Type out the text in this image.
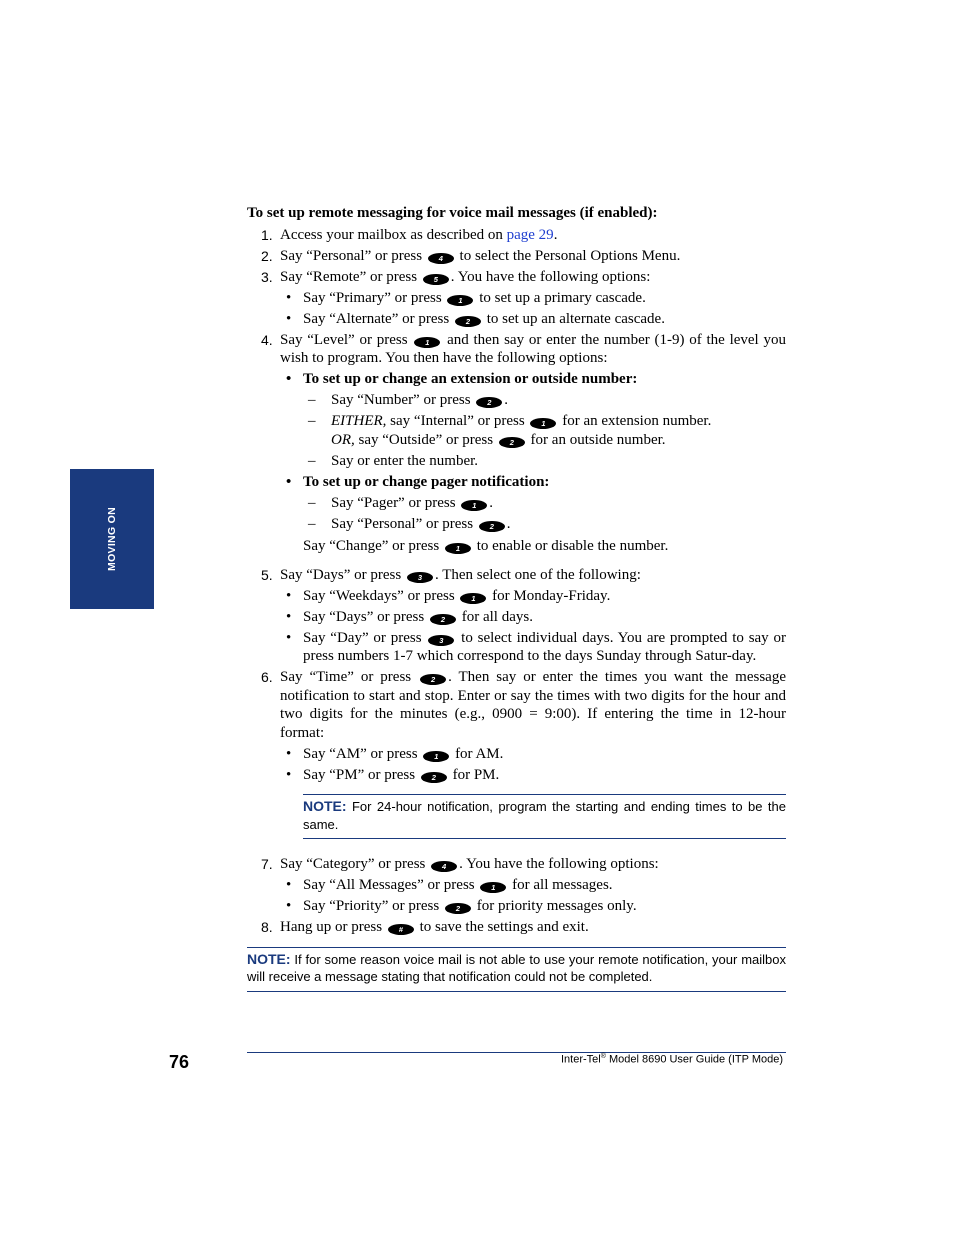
MOVING ON
To set up remote messaging for voice mail messages (if enabled):
1. Access your mailbox as described on page 29.
2. Say “Personal” or press 4 to select the Personal Options Menu.
3. Say “Remote” or press 5 . You have the following options:
• Say “Primary” or press 1 to set up a primary cascade.
• Say “Alternate” or press 2 to set up an alternate cascade.
4. Say “Level” or press 1 and then say or enter the number (1-9) of the level you wish to program. You then have the following options:
• To set up or change an extension or outside number:
– Say “Number” or press 2 .
– EITHER, say “Internal” or press 1 for an extension number.
OR, say “Outside” or press 2 for an outside number.
– Say or enter the number.
• To set up or change pager notification:
– Say “Pager” or press 1 .
– Say “Personal” or press 2 .
Say “Change” or press 1 to enable or disable the number.
5. Say “Days” or press 3 . Then select one of the following:
• Say “Weekdays” or press 1 for Monday-Friday.
• Say “Days” or press 2 for all days.
• Say “Day” or press 3 to select individual days. You are prompted to say or press numbers 1-7 which correspond to the days Sunday through Satur-day.
6. Say “Time” or press 2 . Then say or enter the times you want the message notification to start and stop. Enter or say the times with two digits for the hour and two digits for the minutes (e.g., 0900 = 9:00). If entering the time in 12-hour format:
• Say “AM” or press 1 for AM.
• Say “PM” or press 2 for PM.
NOTE: For 24-hour notification, program the starting and ending times to be the same.
7. Say “Category” or press 4 . You have the following options:
• Say “All Messages” or press 1 for all messages.
• Say “Priority” or press 2 for priority messages only.
8. Hang up or press # to save the settings and exit.
NOTE: If for some reason voice mail is not able to use your remote notification, your mailbox will receive a message stating that notification could not be completed.
76	Inter-Tel® Model 8690 User Guide (ITP Mode)
